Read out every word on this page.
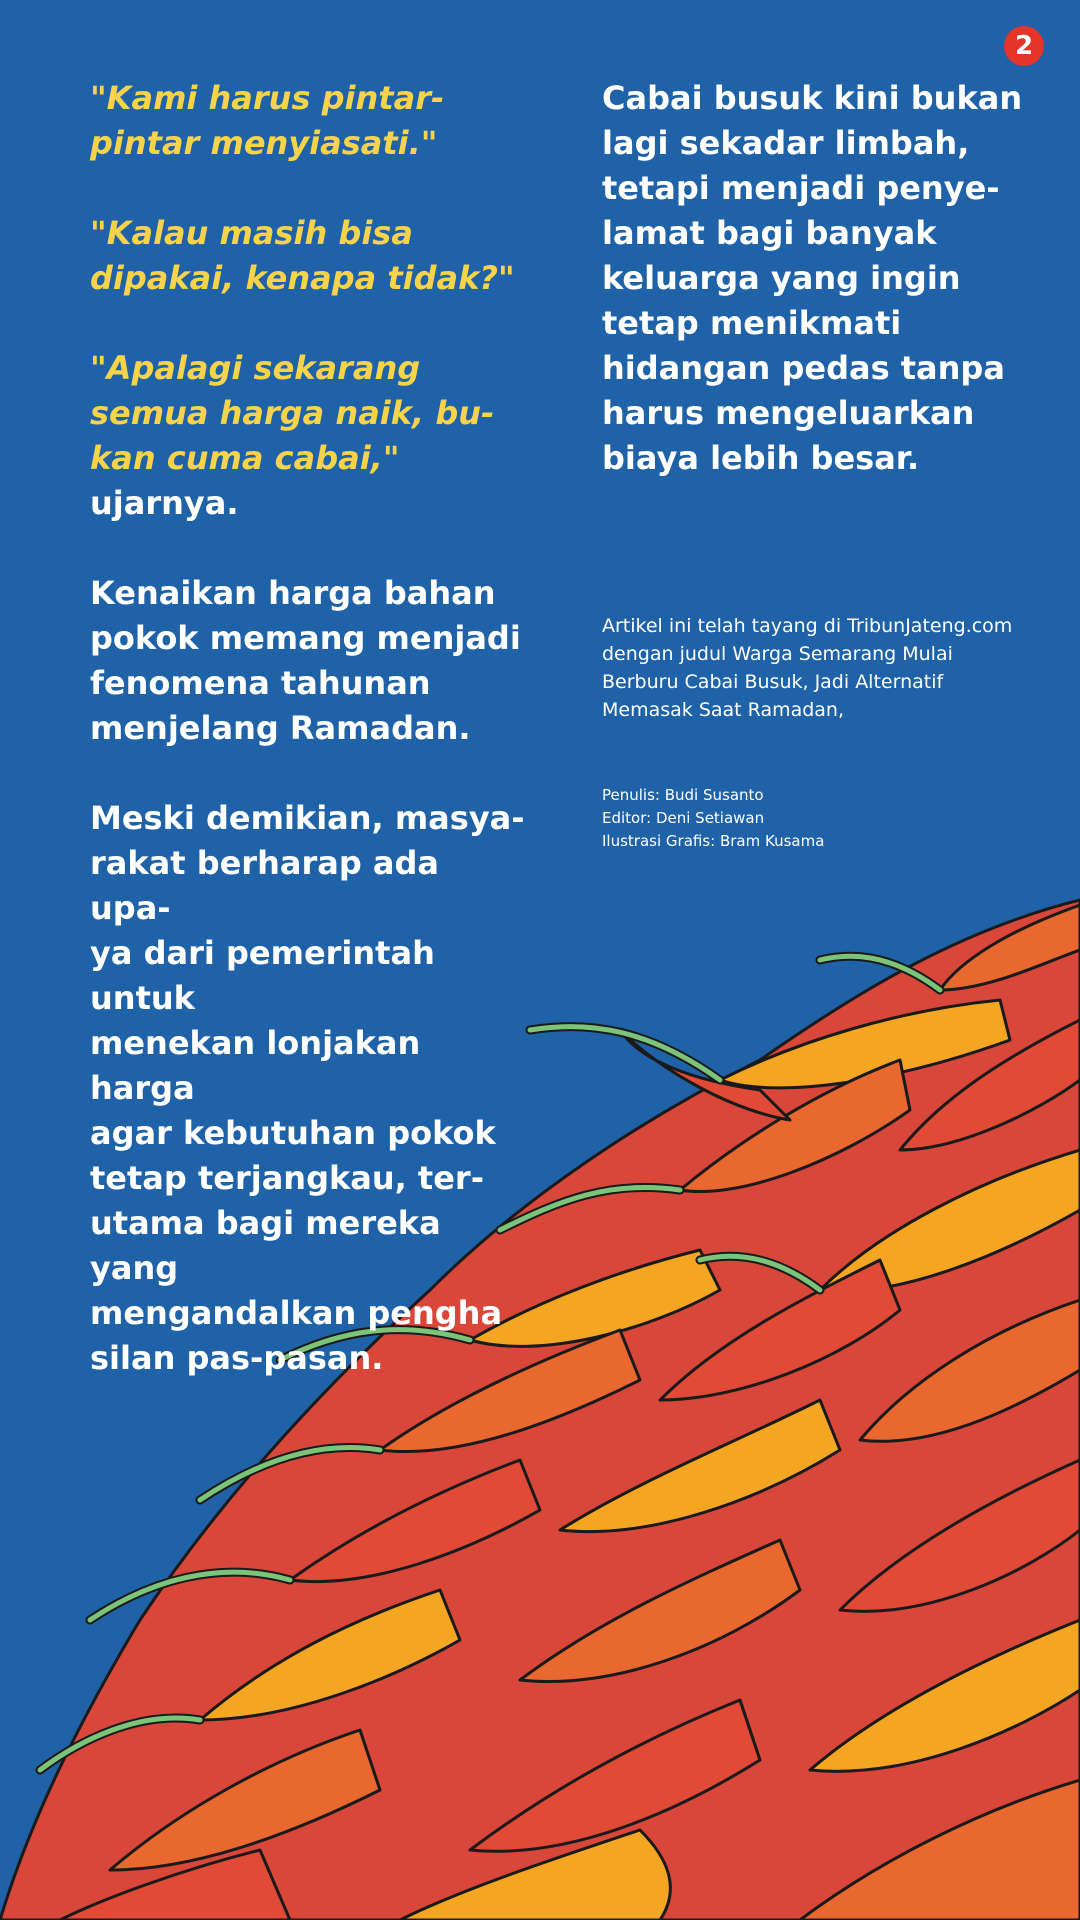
2

"Kami harus pintar-
pintar menyiasati."

"Kalau masih bisa
dipakai, kenapa tidak?"

"Apalagi sekarang
semua harga naik, bu-
kan cuma cabai,"

ujarnya.

Kenaikan harga bahan
pokok memang menjadi
fenomena tahunan
menjelang Ramadan.

Meski demikian, masya-
rakat berharap ada upa-
ya dari pemerintah untuk
menekan lonjakan harga
agar kebutuhan pokok
tetap terjangkau, ter-
utama bagi mereka yang
mengandalkan pengha
silan pas-pasan.

Cabai busuk kini bukan
lagi sekadar limbah,
tetapi menjadi penye-
lamat bagi banyak
keluarga yang ingin
tetap menikmati
hidangan pedas tanpa
harus mengeluarkan
biaya lebih besar.

Artikel ini telah tayang di TribunJateng.com
dengan judul Warga Semarang Mulai
Berburu Cabai Busuk, Jadi Alternatif
Memasak Saat Ramadan,

Penulis: Budi Susanto
Editor: Deni Setiawan
Ilustrasi Grafis: Bram Kusama
